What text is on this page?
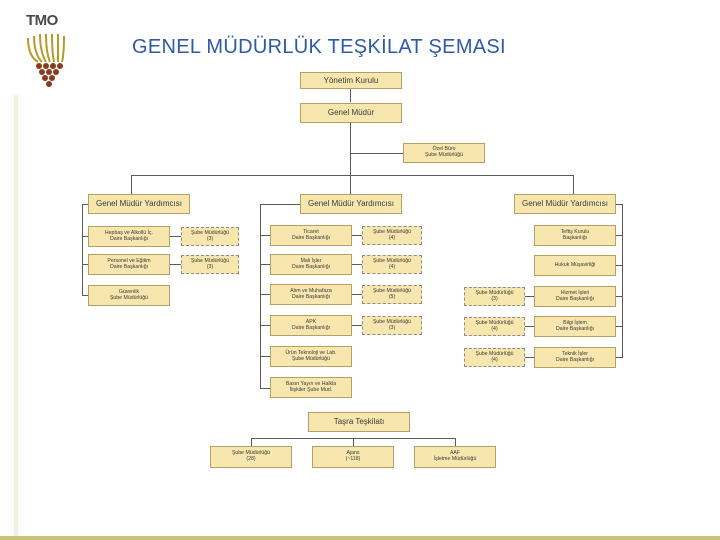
TMO
GENEL MÜDÜRLÜK TEŞKİLAT ŞEMASI
Yönetim Kurulu
Genel Müdür
Özel Büro
Şube Müdürlüğü
Genel Müdür Yardımcısı	Genel Müdür Yardımcısı	Genel Müdür Yardımcısı
Hepbaş ve Alkollü İç.
Daire Başkanlığı
Personel ve Eğitim
Daire Başkanlığı
Güvenlik
Şube Müdürlüğü
Şube Müdürlüğü
(3)
Şube Müdürlüğü
(3)
Ticaret
Daire Başkanlığı
Mali İşler
Daire Başkanlığı
Alım ve Muhafaza
Daire Başkanlığı
APK
Daire Başkanlığı
Ürün Teknoloji ve Lab.
Şube Müdürlüğü
Basın Yayın ve Halkla
İlişkiler Şube Mud.
Şube Müdürlüğü
(4)
Şube Müdürlüğü
(4)
Şube Müdürlüğü
(5)
Şube Müdürlüğü
(3)
Teftiş Kurulu
Başkanlığı
Hukuk Müşavirliği
Hizmet İşleri
Daire Başkanlığı
Bilgi İşlem
Daire Başkanlığı
Teknik İşler
Daire Başkanlığı
Şube Müdürlüğü
(3)
Şube Müdürlüğü
(4)
Şube Müdürlüğü
(4)
Taşra Teşkilatı
Şube Müdürlüğü
(28)
Ajans
(~118)
AAF
İşletme Müdürlüğü
